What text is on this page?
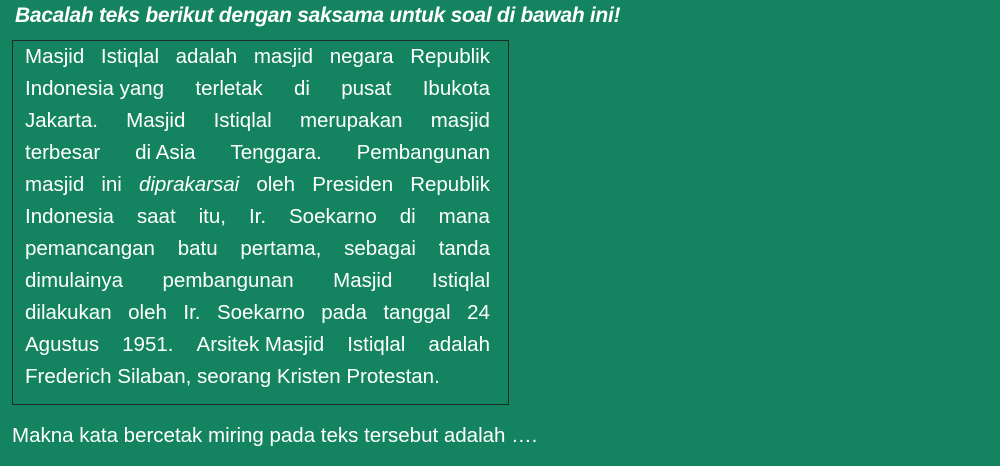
Bacalah teks berikut dengan saksama untuk soal di bawah ini!
Masjid Istiqlal adalah masjid negara Republik
Indonesia yang terletak di pusat Ibukota
Jakarta. Masjid Istiqlal merupakan masjid
terbesar di Asia Tenggara. Pembangunan
masjid ini diprakarsai oleh Presiden Republik
Indonesia saat itu, Ir. Soekarno di mana
pemancangan batu pertama, sebagai tanda
dimulainya pembangunan Masjid Istiqlal
dilakukan oleh Ir. Soekarno pada tanggal 24
Agustus 1951. Arsitek Masjid Istiqlal adalah
Frederich Silaban, seorang Kristen Protestan.
Makna kata bercetak miring pada teks tersebut adalah ….
